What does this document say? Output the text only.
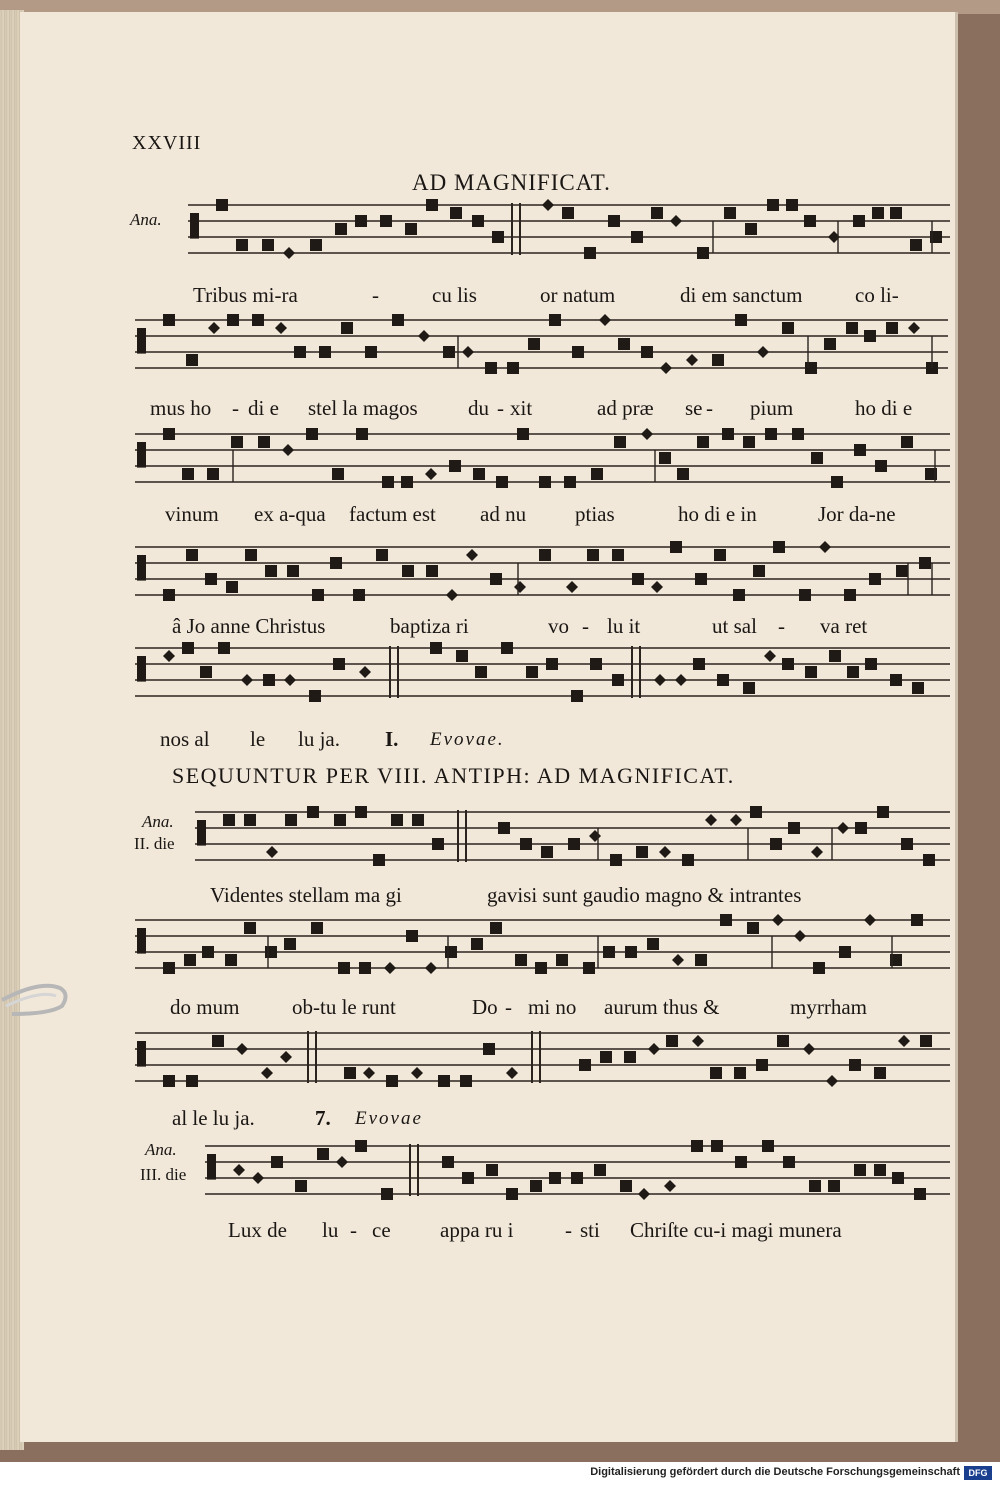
XXVIII
AD MAGNIFICAT.
SEQUUNTUR PER VIII. ANTIPH: AD MAGNIFICAT.
Ana.
Ana.
II. die
Ana.
III. die
Tribus mi-ra	-	cu lis	or natum	di em sanctum	co li-
mus ho - di e stel la magos du - xit	ad præ se - pium	ho di e
vinum ex a-qua factum est ad nu ptias	ho di e in	Jor da-ne
â Jo anne Christus	baptiza ri	vo - lu it	ut sal - va ret
nos al le lu ja. I. Evovae.
Videntes stellam ma gi	gavisi sunt gaudio magno & intrantes
do mum	ob-tu le runt	Do - mi no aurum thus &	myrrham
al le lu ja.	7. Evovae
Lux de lu - ce appa ru i - sti Chriſte cu-i magi munera
Digitalisierung gefördert durch die Deutsche Forschungsgemeinschaft DFG
